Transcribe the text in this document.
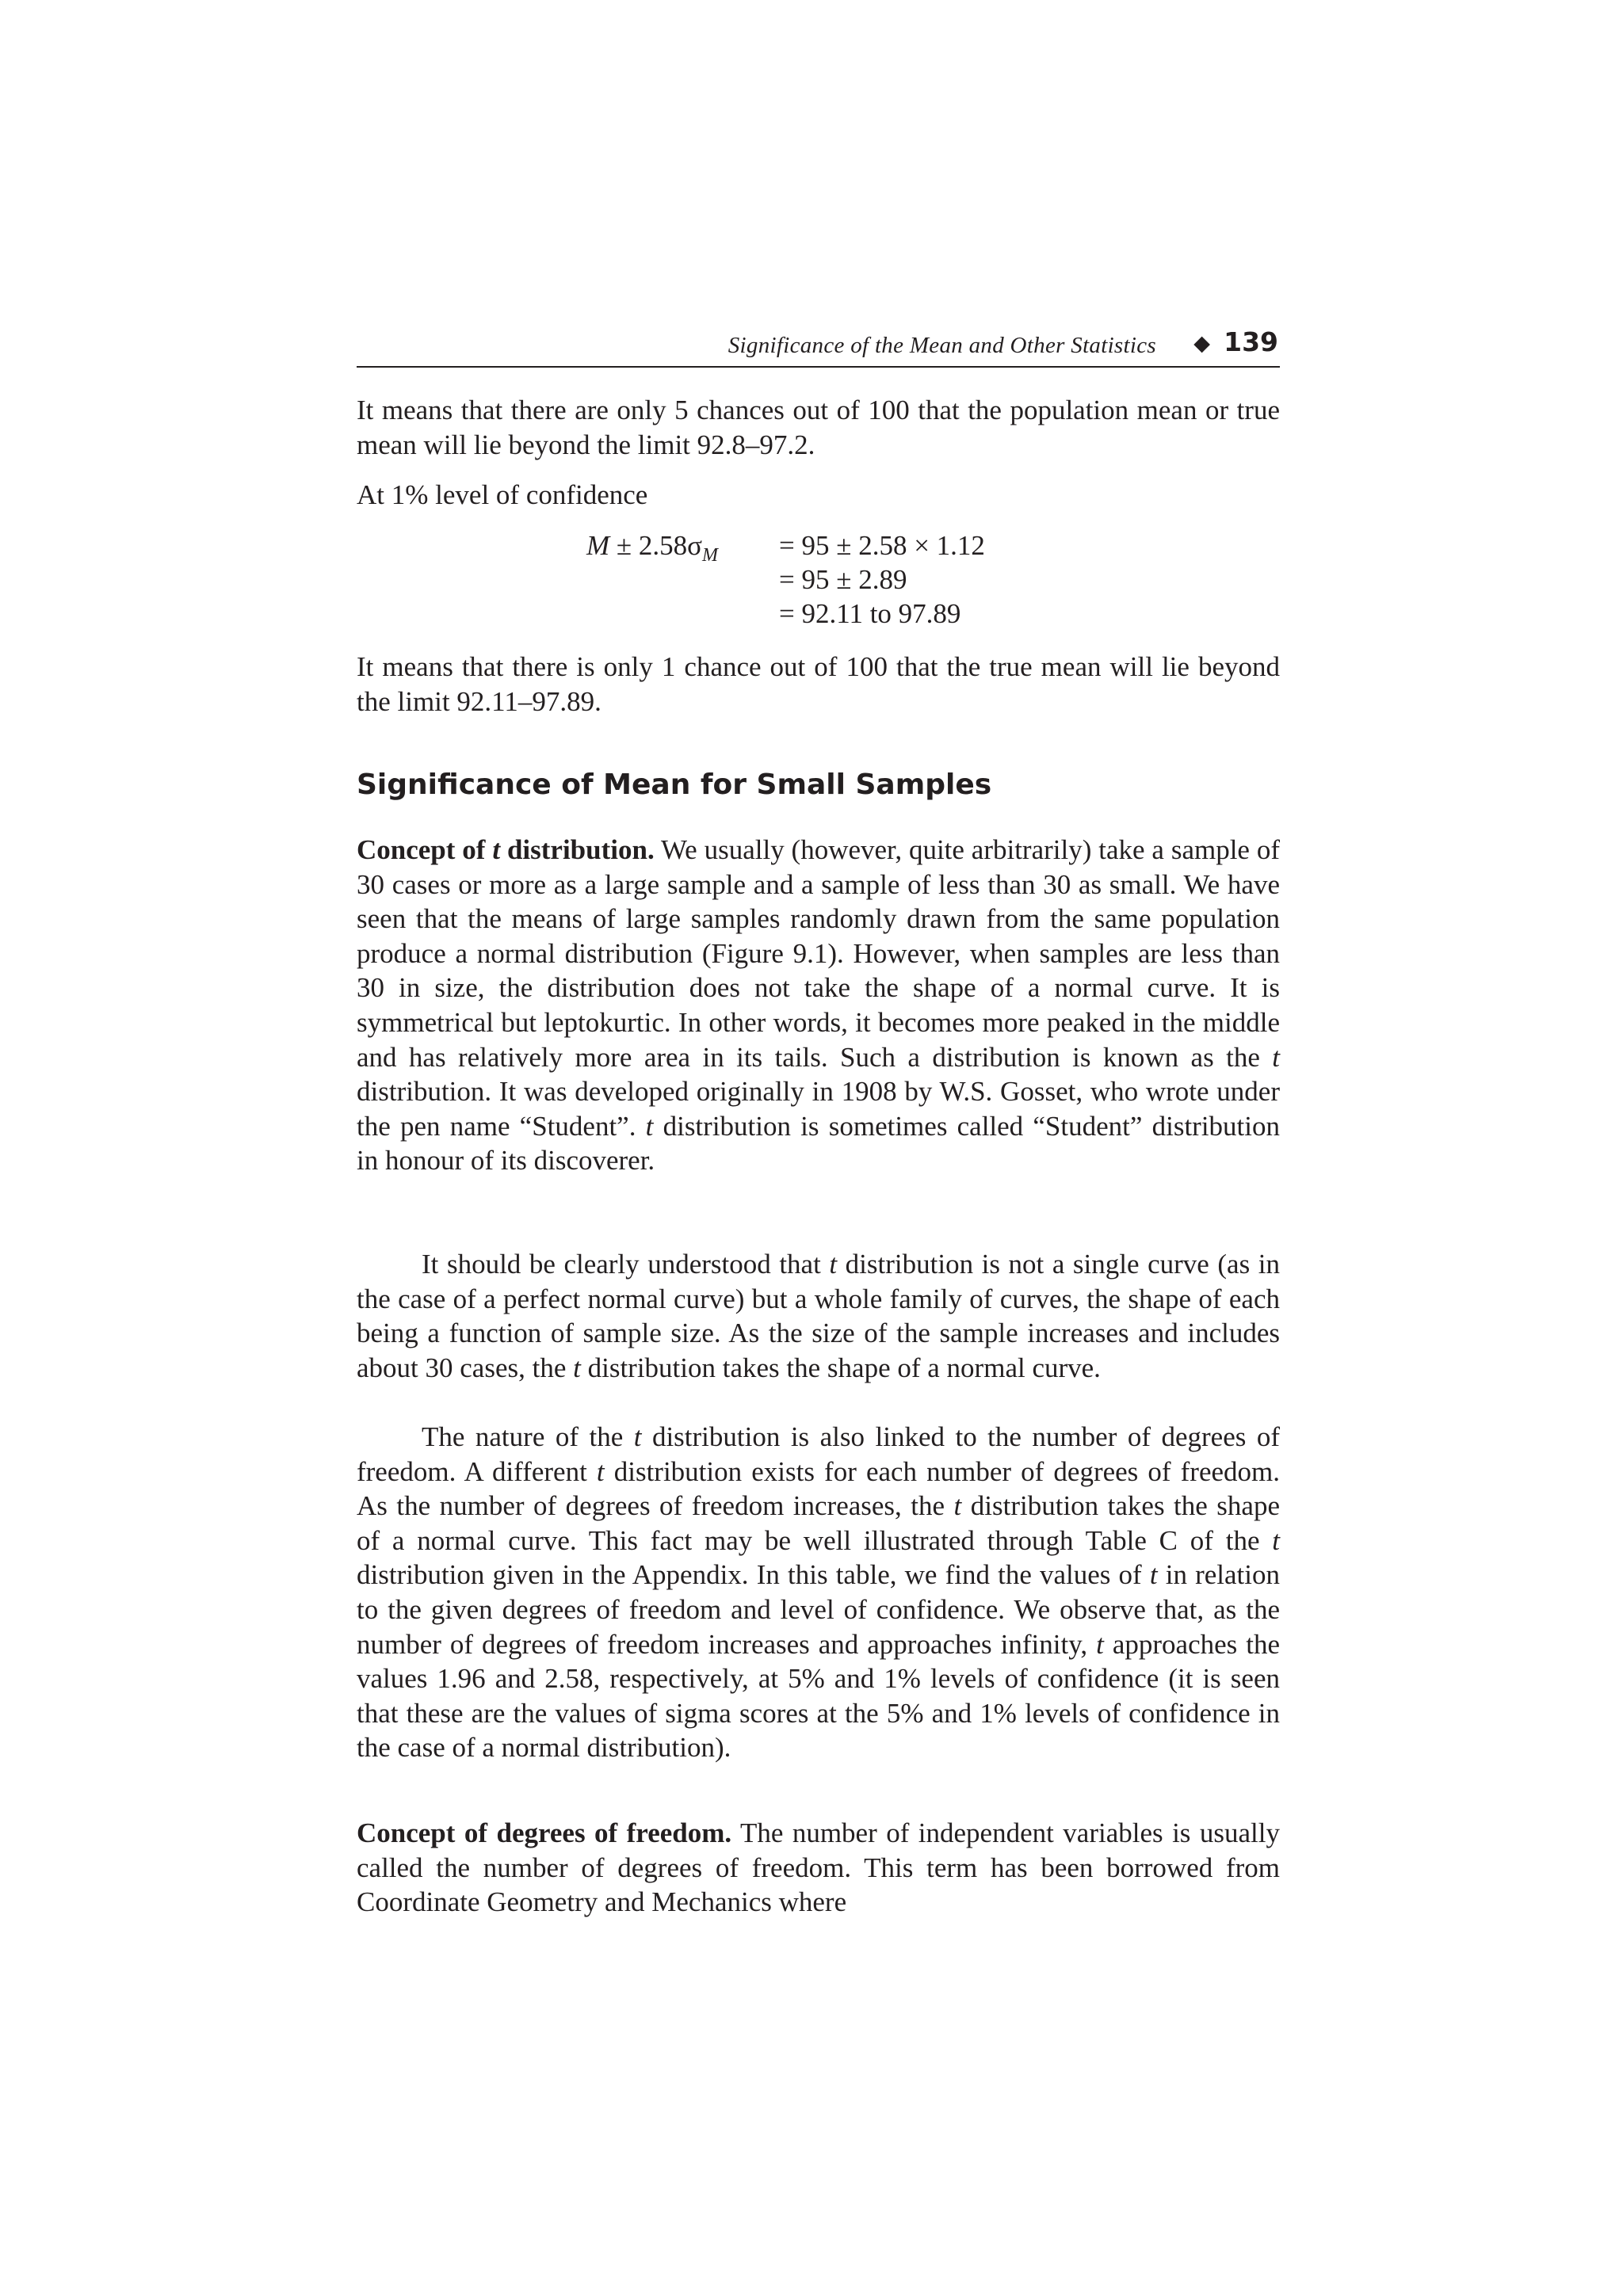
Significance of the Mean and Other Statistics ◆ 139

It means that there are only 5 chances out of 100 that the population mean or true mean will lie beyond the limit 92.8–97.2.

At 1% level of confidence

$M \pm 2.58\sigma_M = 95 \pm 2.58 \times 1.12$
= 95 ± 2.89
= 92.11 to 97.89

It means that there is only 1 chance out of 100 that the true mean will lie beyond the limit 92.11–97.89.

Significance of Mean for Small Samples

Concept of t distribution. We usually (however, quite arbitrarily) take a sample of 30 cases or more as a large sample and a sample of less than 30 as small. We have seen that the means of large samples randomly drawn from the same population produce a normal distribution (Figure 9.1). However, when samples are less than 30 in size, the distribution does not take the shape of a normal curve. It is symmetrical but leptokurtic. In other words, it becomes more peaked in the middle and has relatively more area in its tails. Such a distribution is known as the t distribution. It was developed originally in 1908 by W.S. Gosset, who wrote under the pen name “Student”. t distribution is sometimes called “Student” distribution in honour of its discoverer.

It should be clearly understood that t distribution is not a single curve (as in the case of a perfect normal curve) but a whole family of curves, the shape of each being a function of sample size. As the size of the sample increases and includes about 30 cases, the t distribution takes the shape of a normal curve.

The nature of the t distribution is also linked to the number of degrees of freedom. A different t distribution exists for each number of degrees of freedom. As the number of degrees of freedom increases, the t distribution takes the shape of a normal curve. This fact may be well illustrated through Table C of the t distribution given in the Appendix. In this table, we find the values of t in relation to the given degrees of freedom and level of confidence. We observe that, as the number of degrees of freedom increases and approaches infinity, t approaches the values 1.96 and 2.58, respectively, at 5% and 1% levels of confidence (it is seen that these are the values of sigma scores at the 5% and 1% levels of confidence in the case of a normal distribution).

Concept of degrees of freedom. The number of independent variables is usually called the number of degrees of freedom. This term has been borrowed from Coordinate Geometry and Mechanics where
